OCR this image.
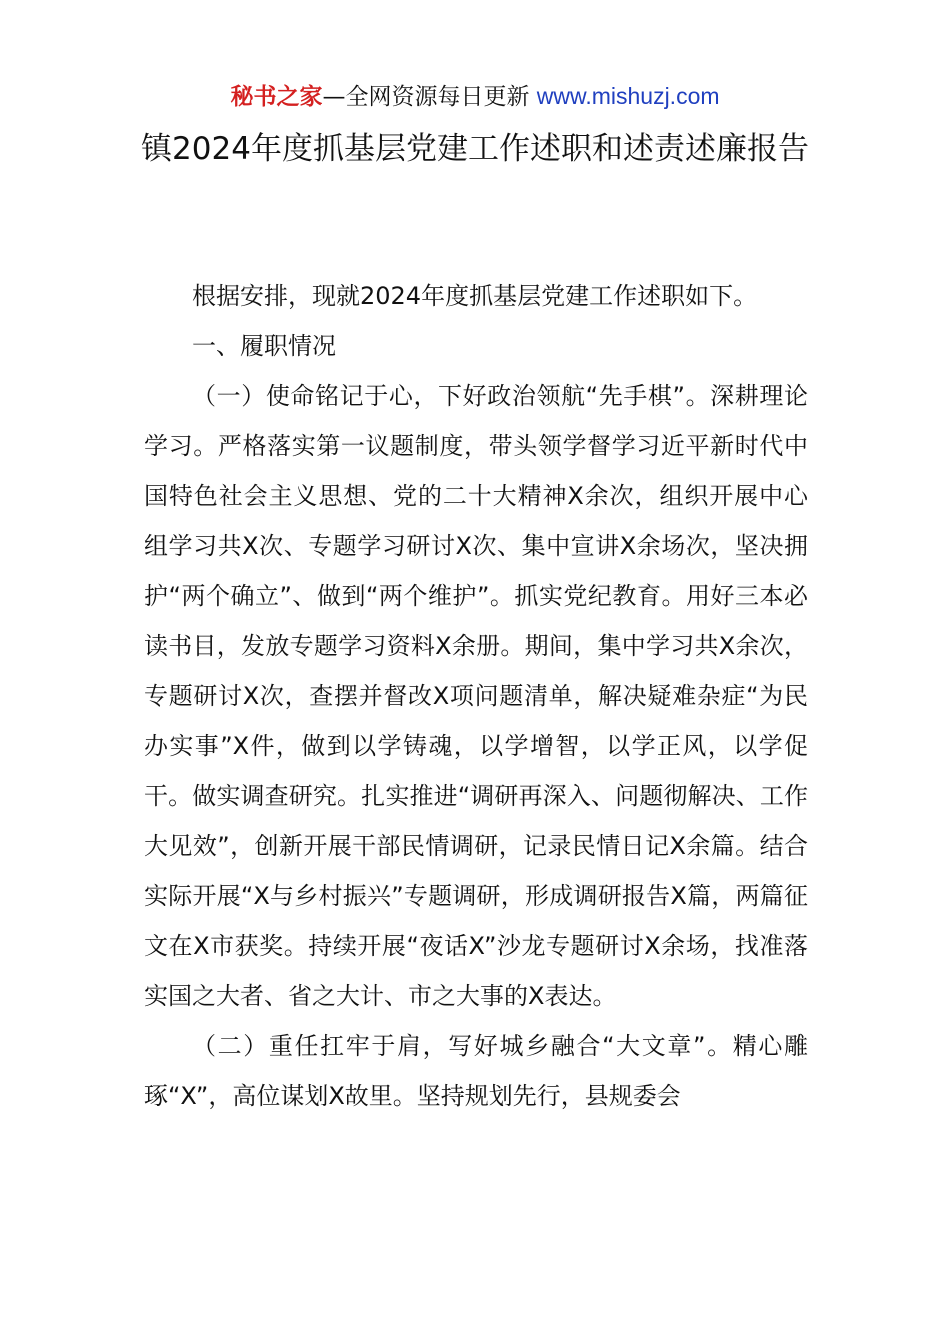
秘书之家—全网资源每日更新 www.mishuzj.com
镇2024年度抓基层党建工作述职和述责述廉报告

根据安排，现就2024年度抓基层党建工作述职如下。

一、履职情况

（一）使命铭记于心，下好政治领航“先手棋”。深耕理论学习。严格落实第一议题制度，带头领学督学习近平新时代中国特色社会主义思想、党的二十大精神X余次，组织开展中心组学习共X次、专题学习研讨X次、集中宣讲X余场次，坚决拥护“两个确立”、做到“两个维护”。抓实党纪教育。用好三本必读书目，发放专题学习资料X余册。期间，集中学习共X余次，专题研讨X次，查摆并督改X项问题清单，解决疑难杂症“为民办实事”X件，做到以学铸魂，以学增智，以学正风，以学促干。做实调查研究。扎实推进“调研再深入、问题彻解决、工作大见效”，创新开展干部民情调研，记录民情日记X余篇。结合实际开展“X与乡村振兴”专题调研，形成调研报告X篇，两篇征文在X市获奖。持续开展“夜话X”沙龙专题研讨X余场，找准落实国之大者、省之大计、市之大事的X表达。

（二）重任扛牢于肩，写好城乡融合“大文章”。精心雕琢“X”，高位谋划X故里。坚持规划先行，县规委会
